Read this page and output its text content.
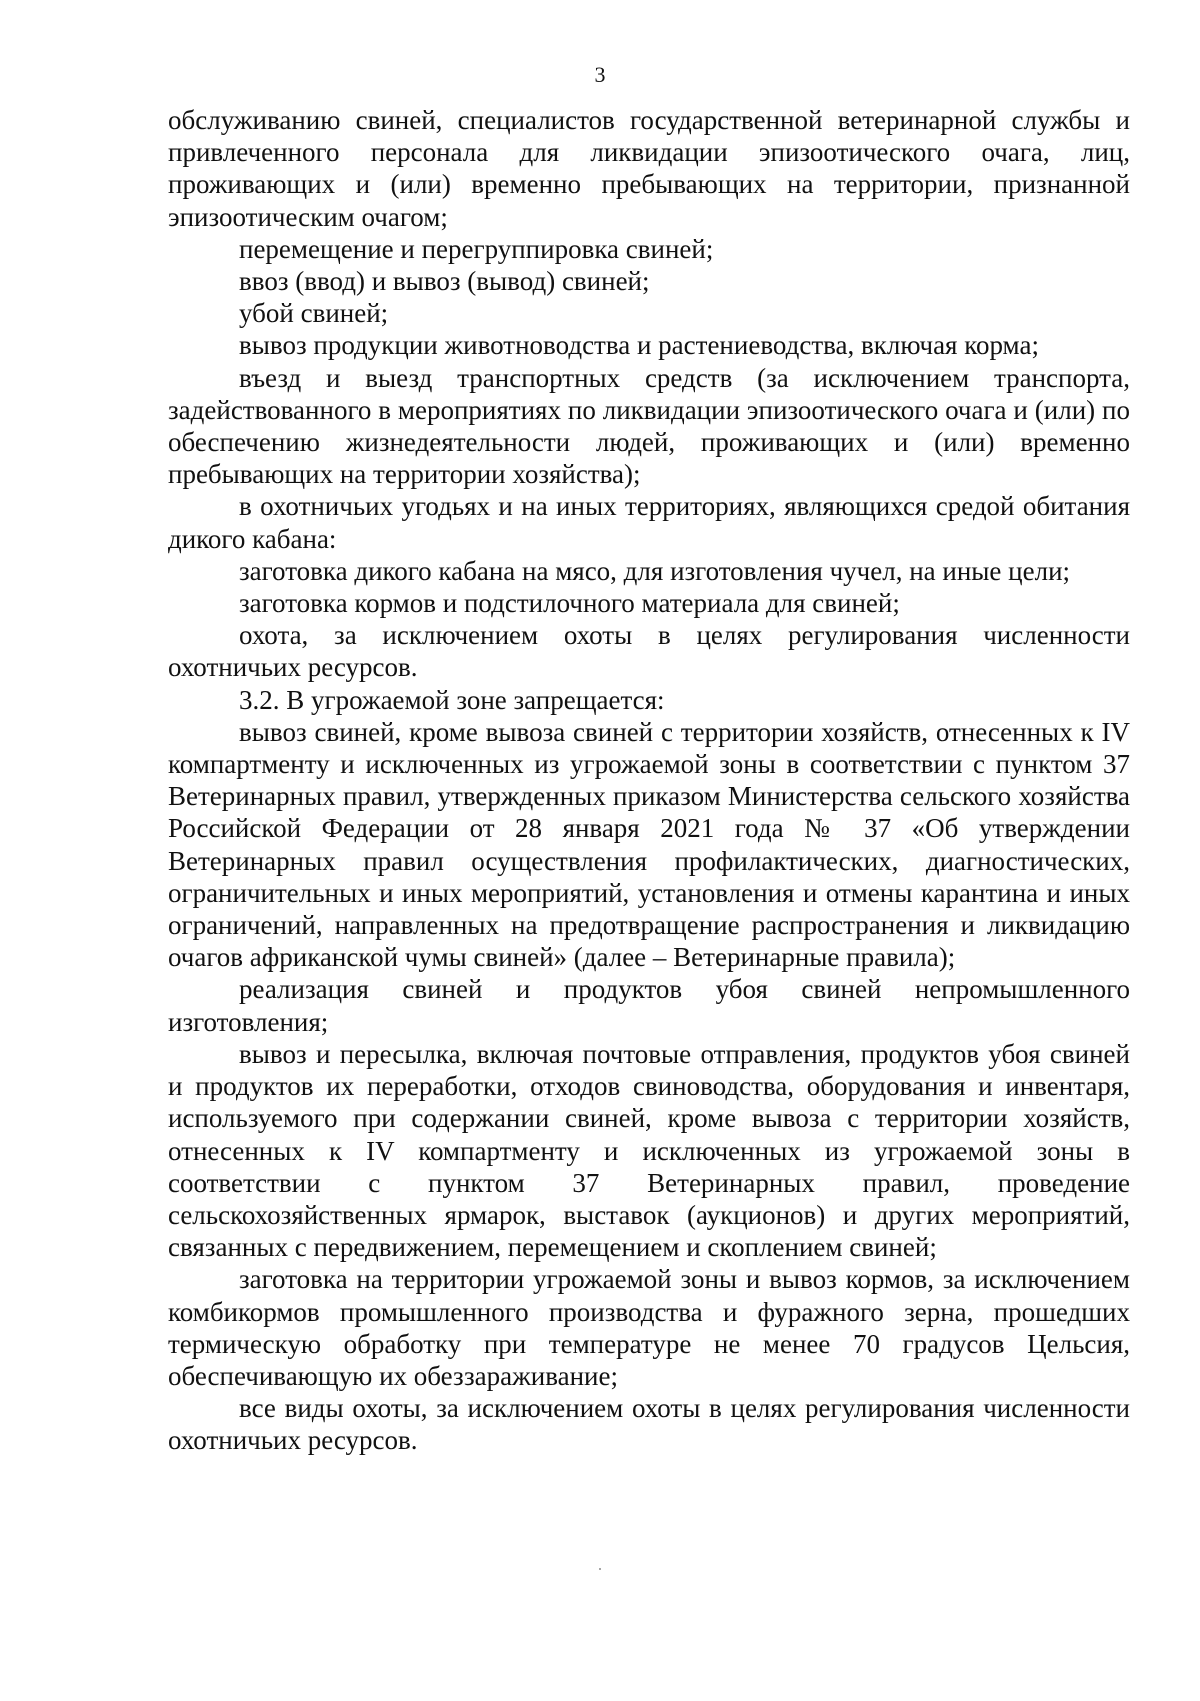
3

обслуживанию свиней, специалистов государственной ветеринарной службы и привлеченного персонала для ликвидации эпизоотического очага, лиц, проживающих и (или) временно пребывающих на территории, признанной эпизоотическим очагом;

перемещение и перегруппировка свиней;

ввоз (ввод) и вывоз (вывод) свиней;

убой свиней;

вывоз продукции животноводства и растениеводства, включая корма;

въезд и выезд транспортных средств (за исключением транспорта, задействованного в мероприятиях по ликвидации эпизоотического очага и (или) по обеспечению жизнедеятельности людей, проживающих и (или) временно пребывающих на территории хозяйства);

в охотничьих угодьях и на иных территориях, являющихся средой обитания дикого кабана:

заготовка дикого кабана на мясо, для изготовления чучел, на иные цели;

заготовка кормов и подстилочного материала для свиней;

охота, за исключением охоты в целях регулирования численности охотничьих ресурсов.

3.2. В угрожаемой зоне запрещается:

вывоз свиней, кроме вывоза свиней с территории хозяйств, отнесенных к IV компартменту и исключенных из угрожаемой зоны в соответствии с пунктом 37 Ветеринарных правил, утвержденных приказом Министерства сельского хозяйства Российской Федерации от 28 января 2021 года № 37 «Об утверждении Ветеринарных правил осуществления профилактических, диагностических, ограничительных и иных мероприятий, установления и отмены карантина и иных ограничений, направленных на предотвращение распространения и ликвидацию очагов африканской чумы свиней» (далее – Ветеринарные правила);

реализация свиней и продуктов убоя свиней непромышленного изготовления;

вывоз и пересылка, включая почтовые отправления, продуктов убоя свиней и продуктов их переработки, отходов свиноводства, оборудования и инвентаря, используемого при содержании свиней, кроме вывоза с территории хозяйств, отнесенных к IV компартменту и исключенных из угрожаемой зоны в соответствии с пунктом 37 Ветеринарных правил, проведение сельскохозяйственных ярмарок, выставок (аукционов) и других мероприятий, связанных с передвижением, перемещением и скоплением свиней;

заготовка на территории угрожаемой зоны и вывоз кормов, за исключением комбикормов промышленного производства и фуражного зерна, прошедших термическую обработку при температуре не менее 70 градусов Цельсия, обеспечивающую их обеззараживание;

все виды охоты, за исключением охоты в целях регулирования численности охотничьих ресурсов.
